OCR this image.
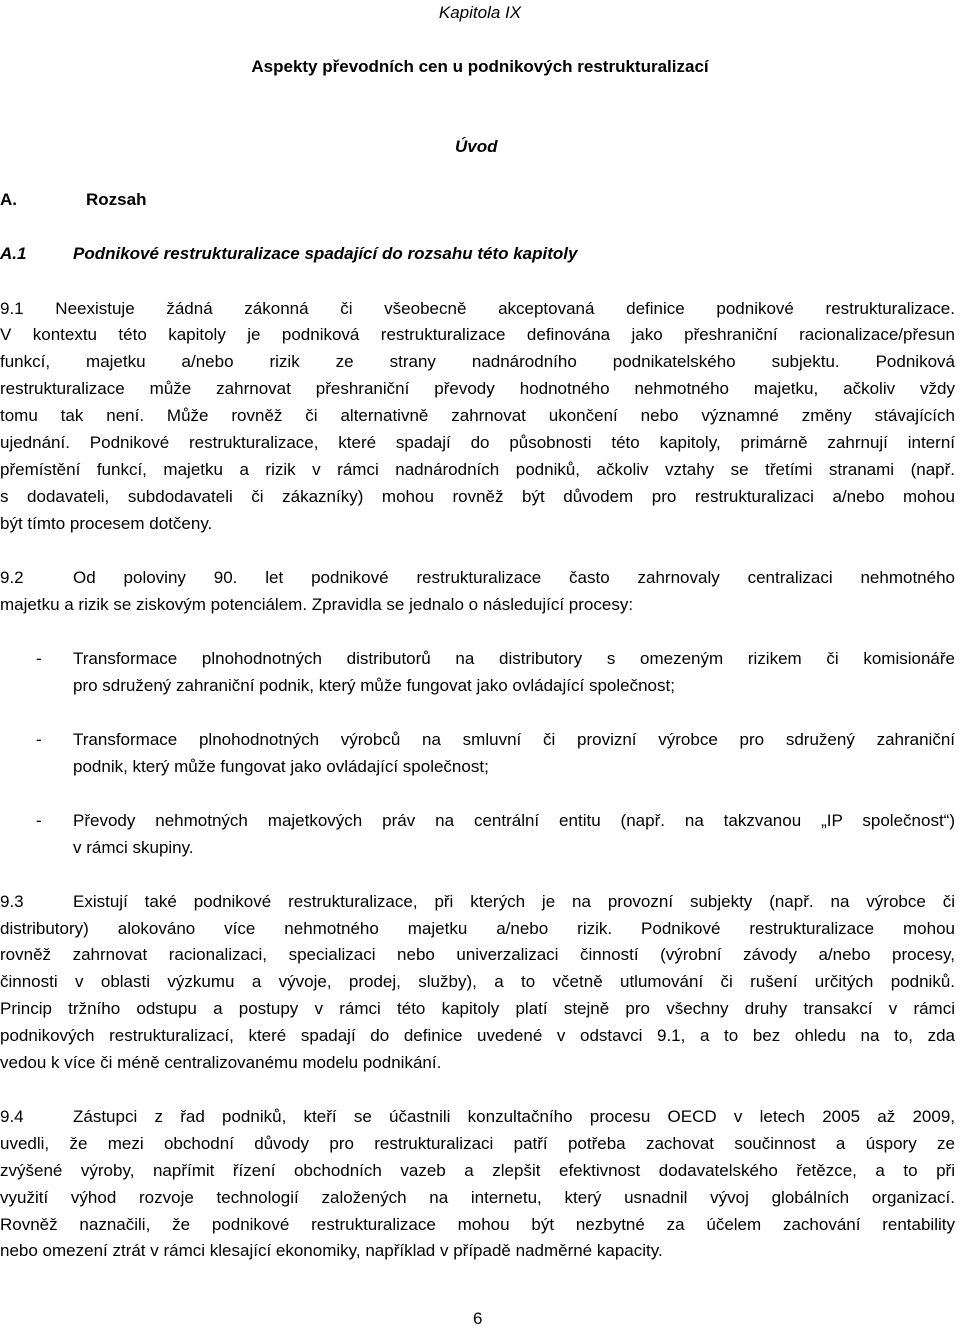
Kapitola IX
Aspekty převodních cen u podnikových restrukturalizací
Úvod
A.	Rozsah
A.1	Podnikové restrukturalizace spadající do rozsahu této kapitoly
9.1 Neexistuje žádná zákonná či všeobecně akceptovaná definice podnikové restrukturalizace.
V kontextu této kapitoly je podniková restrukturalizace definována jako přeshraniční racionalizace/přesun
funkcí, majetku a/nebo rizik ze strany nadnárodního podnikatelského subjektu. Podniková
restrukturalizace může zahrnovat přeshraniční převody hodnotného nehmotného majetku, ačkoliv vždy
tomu tak není. Může rovněž či alternativně zahrnovat ukončení nebo významné změny stávajících
ujednání. Podnikové restrukturalizace, které spadají do působnosti této kapitoly, primárně zahrnují interní
přemístění funkcí, majetku a rizik v rámci nadnárodních podniků, ačkoliv vztahy se třetími stranami (např.
s dodavateli, subdodavateli či zákazníky) mohou rovněž být důvodem pro restrukturalizaci a/nebo mohou
být tímto procesem dotčeny.
9.2	Od poloviny 90. let podnikové restrukturalizace často zahrnovaly centralizaci nehmotného
majetku a rizik se ziskovým potenciálem. Zpravidla se jednalo o následující procesy:
- Transformace plnohodnotných distributorů na distributory s omezeným rizikem či komisionáře
pro sdružený zahraniční podnik, který může fungovat jako ovládající společnost;
- Transformace plnohodnotných výrobců na smluvní či provizní výrobce pro sdružený zahraniční
podnik, který může fungovat jako ovládající společnost;
- Převody nehmotných majetkových práv na centrální entitu (např. na takzvanou „IP společnost“)
v rámci skupiny.
9.3	Existují také podnikové restrukturalizace, při kterých je na provozní subjekty (např. na výrobce či
distributory) alokováno více nehmotného majetku a/nebo rizik. Podnikové restrukturalizace mohou
rovněž zahrnovat racionalizaci, specializaci nebo univerzalizaci činností (výrobní závody a/nebo procesy,
činnosti v oblasti výzkumu a vývoje, prodej, služby), a to včetně utlumování či rušení určitých podniků.
Princip tržního odstupu a postupy v rámci této kapitoly platí stejně pro všechny druhy transakcí v rámci
podnikových restrukturalizací, které spadají do definice uvedené v odstavci 9.1, a to bez ohledu na to, zda
vedou k více či méně centralizovanému modelu podnikání.
9.4	Zástupci z řad podniků, kteří se účastnili konzultačního procesu OECD v letech 2005 až 2009,
uvedli, že mezi obchodní důvody pro restrukturalizaci patří potřeba zachovat součinnost a úspory ze
zvýšené výroby, napřímit řízení obchodních vazeb a zlepšit efektivnost dodavatelského řetězce, a to při
využití výhod rozvoje technologií založených na internetu, který usnadnil vývoj globálních organizací.
Rovněž naznačili, že podnikové restrukturalizace mohou být nezbytné za účelem zachování rentability
nebo omezení ztrát v rámci klesající ekonomiky, například v případě nadměrné kapacity.
6
